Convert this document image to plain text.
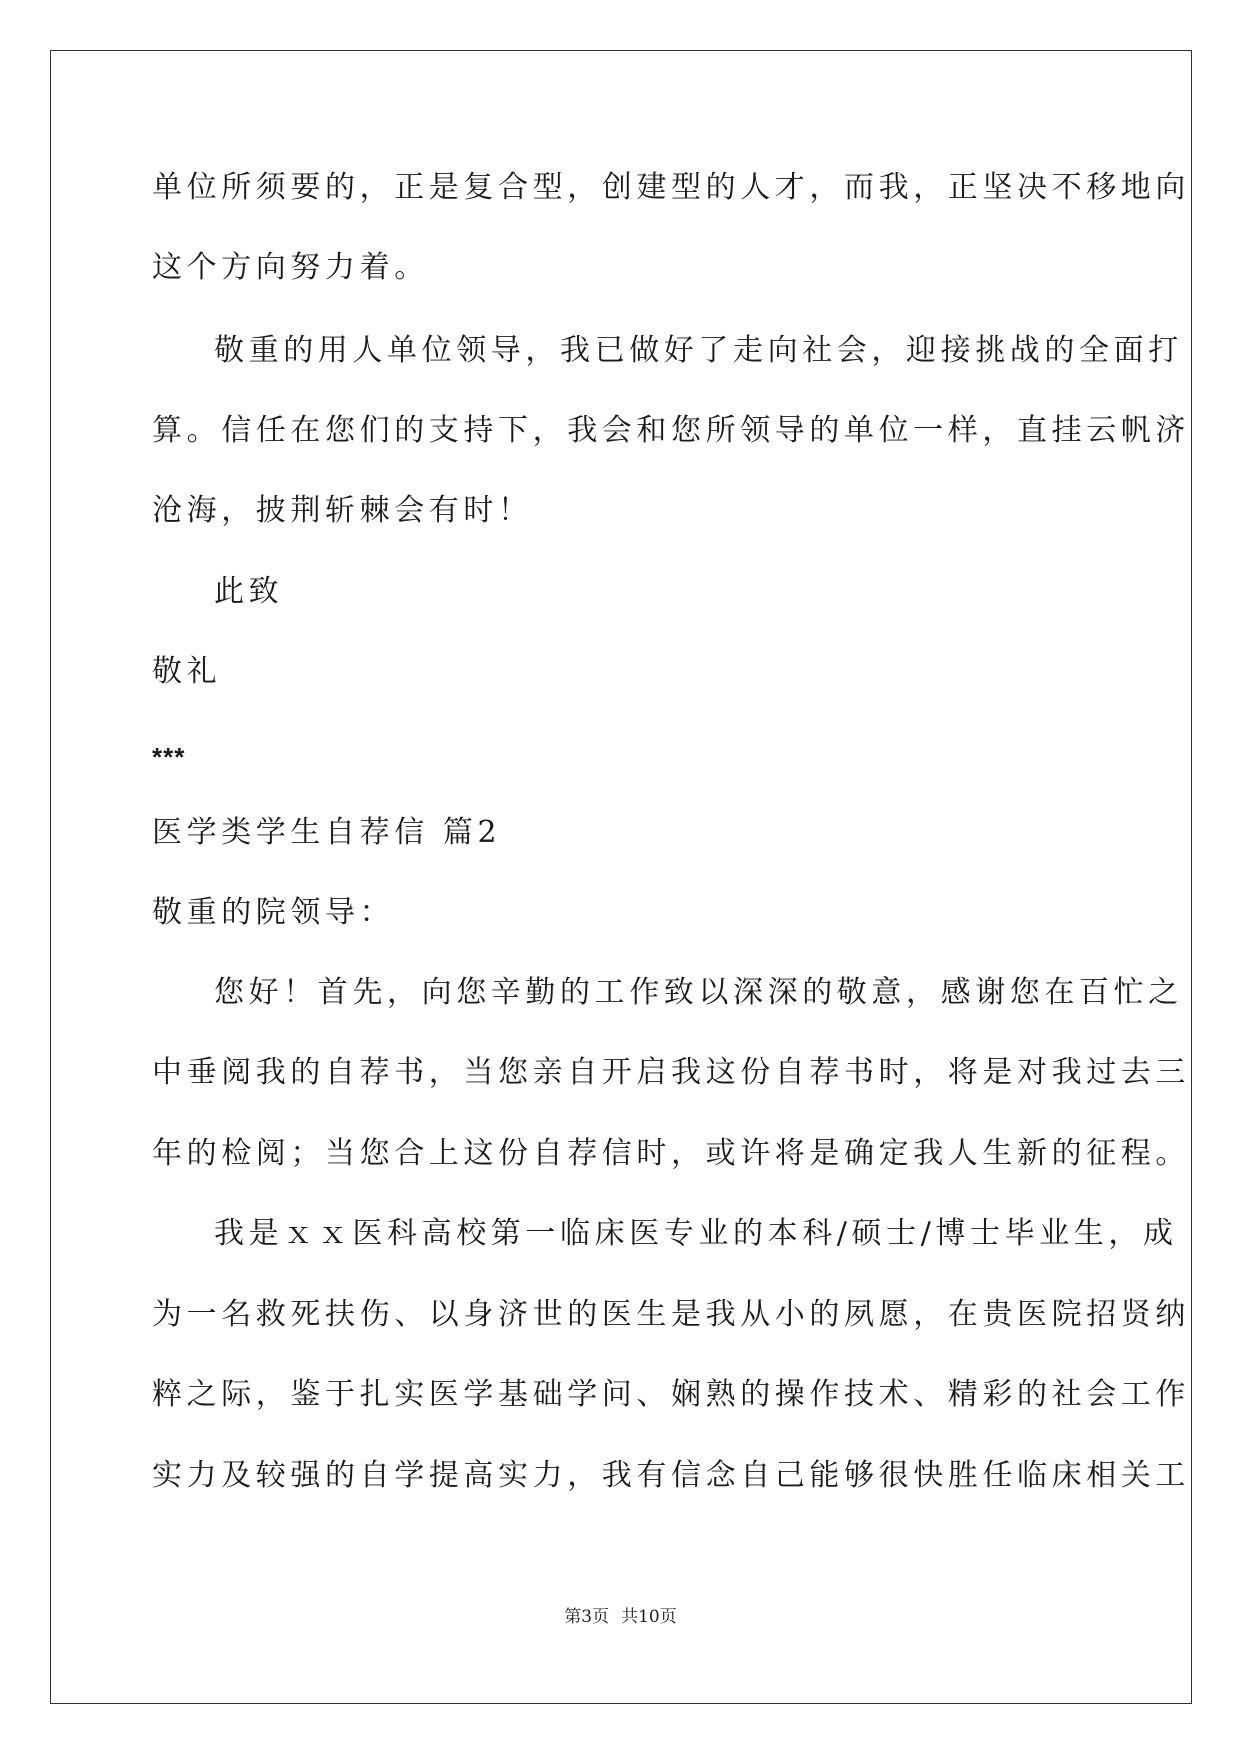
单位所须要的，正是复合型，创建型的人才，而我，正坚决不移地向
这个方向努力着。
敬重的用人单位领导，我已做好了走向社会，迎接挑战的全面打
算。信任在您们的支持下，我会和您所领导的单位一样，直挂云帆济
沧海，披荆斩棘会有时！
此致
敬礼
***
医学类学生自荐信 篇2
敬重的院领导：
您好！首先，向您辛勤的工作致以深深的敬意，感谢您在百忙之
中垂阅我的自荐书，当您亲自开启我这份自荐书时，将是对我过去三
年的检阅；当您合上这份自荐信时，或许将是确定我人生新的征程。
我是ｘｘ医科高校第一临床医专业的本科/硕士/博士毕业生，成
为一名救死扶伤、以身济世的医生是我从小的夙愿，在贵医院招贤纳
粹之际，鉴于扎实医学基础学问、娴熟的操作技术、精彩的社会工作
实力及较强的自学提高实力，我有信念自己能够很快胜任临床相关工
第3页 共10页
